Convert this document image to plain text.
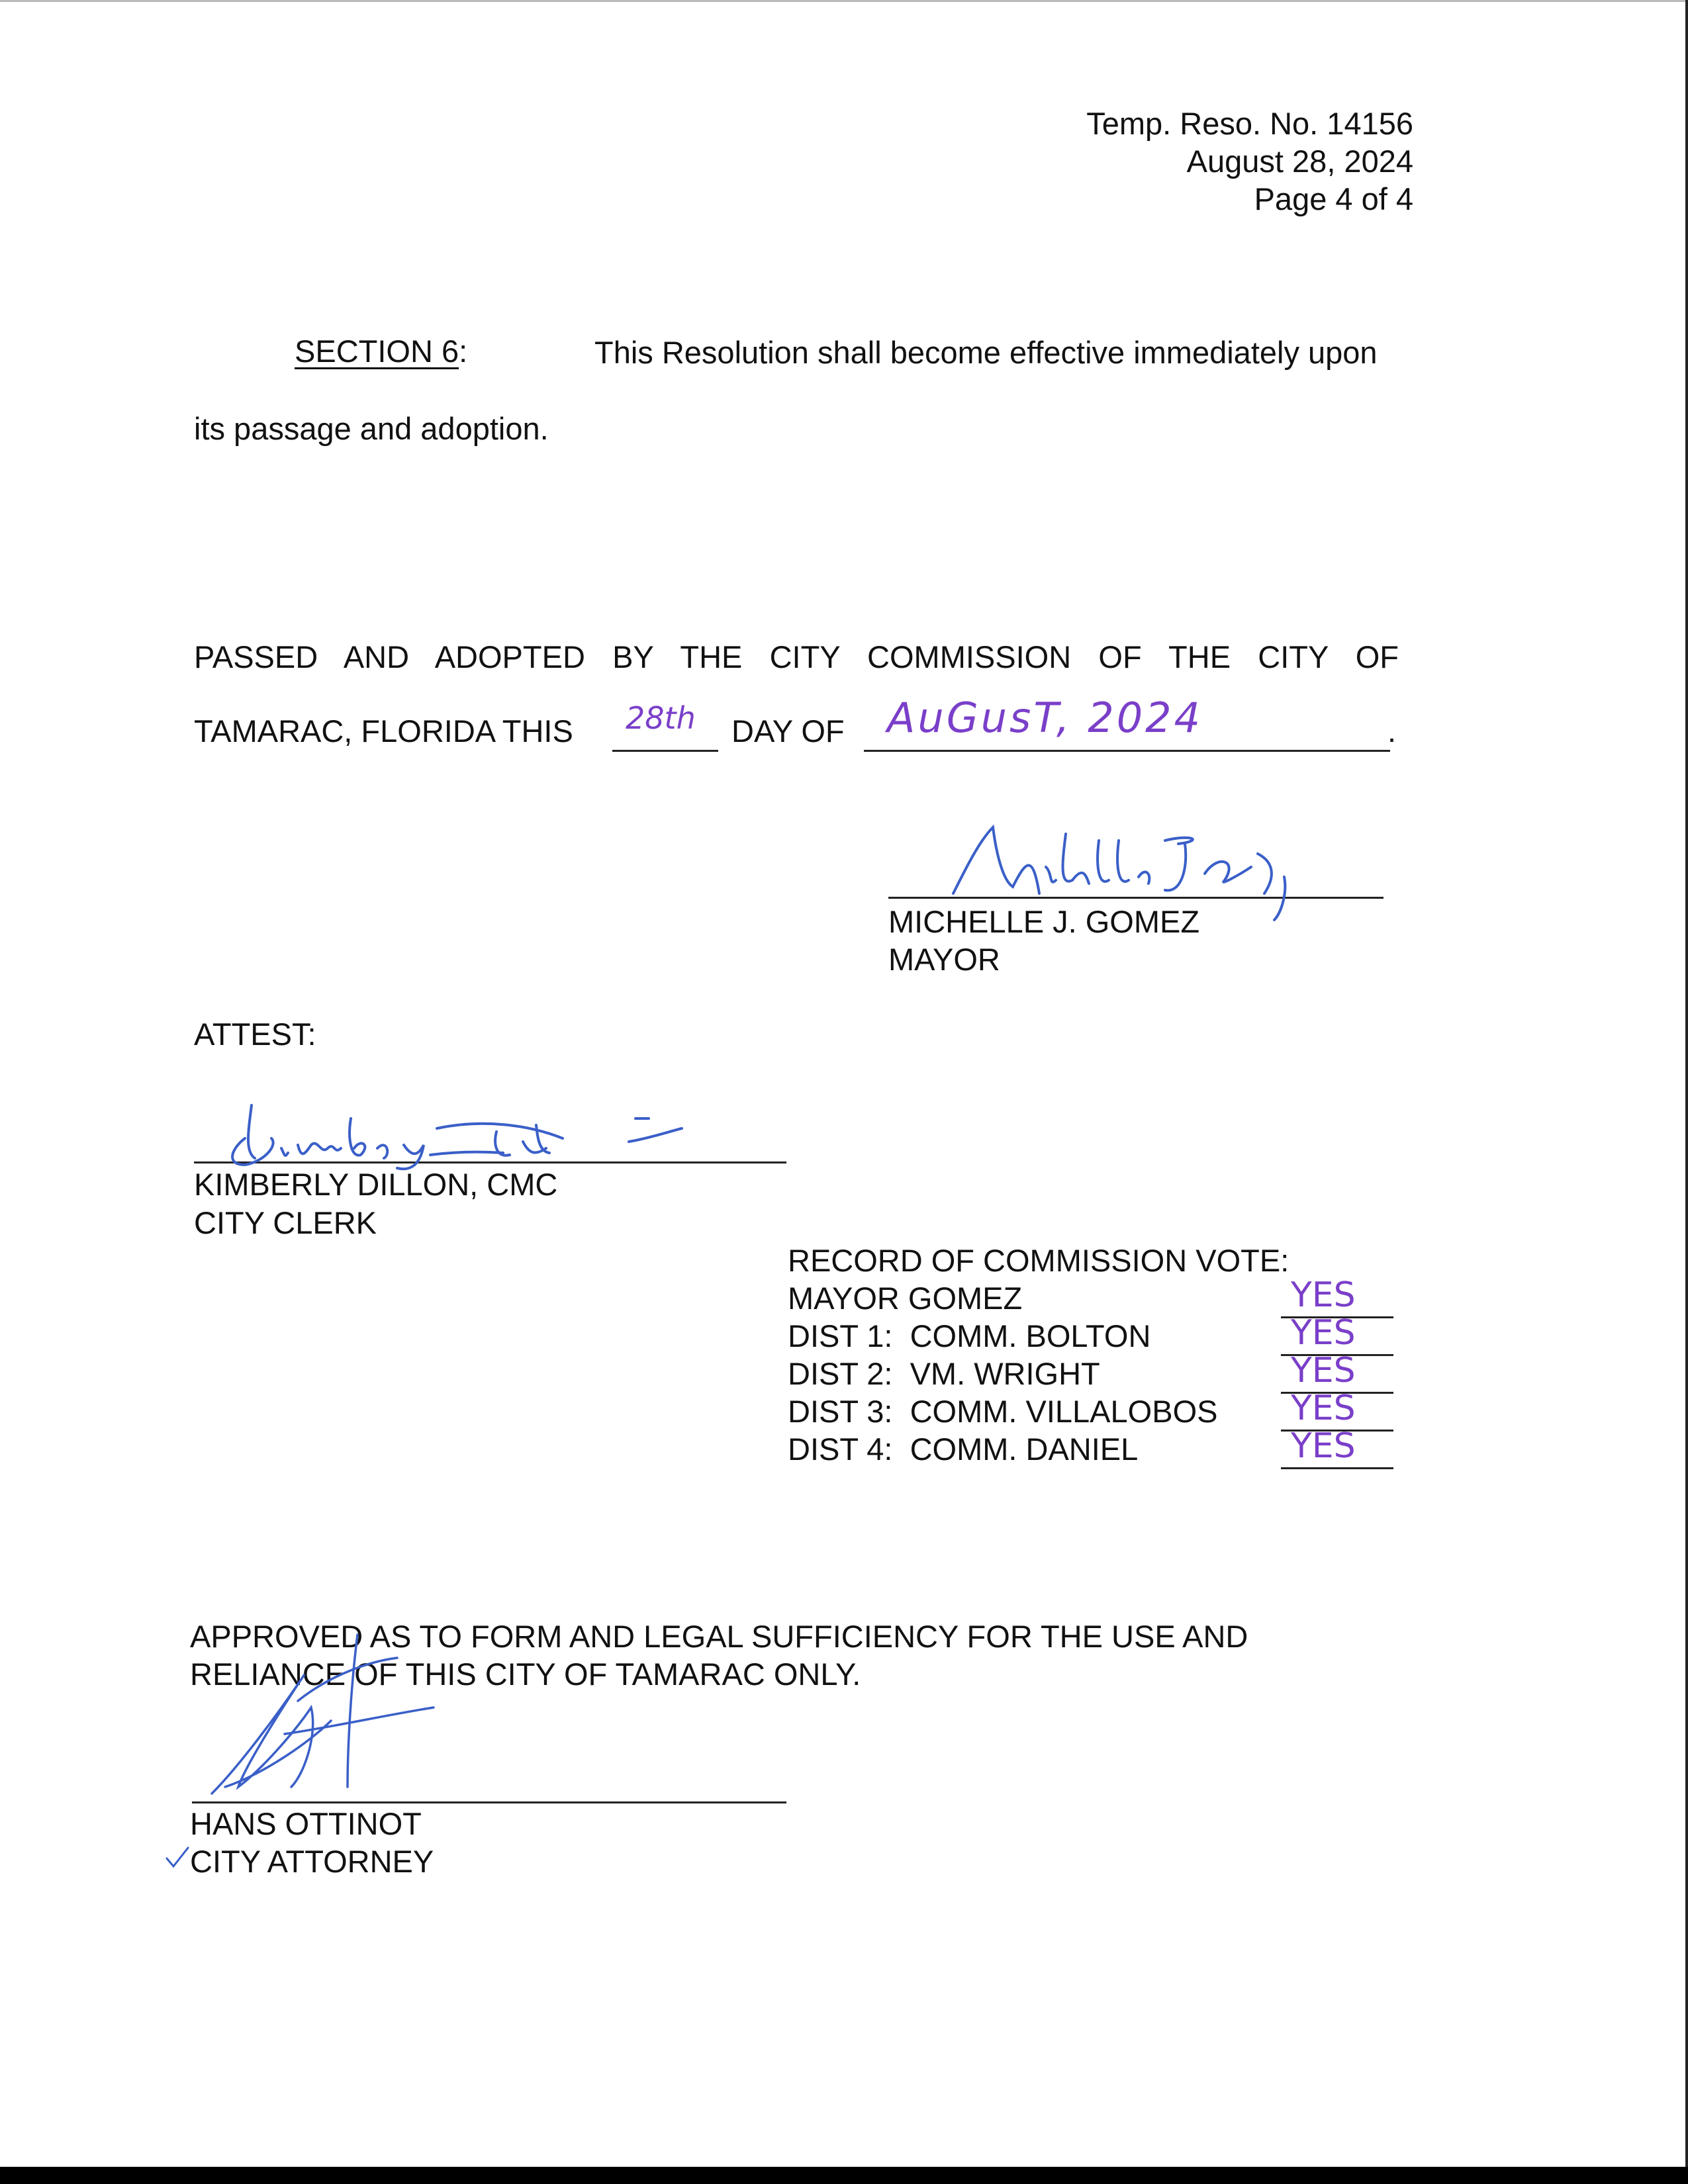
Temp. Reso. No. 14156
August 28, 2024
Page 4 of 4
SECTION 6:	This Resolution shall become effective immediately upon
its passage and adoption.
PASSED AND ADOPTED BY THE CITY COMMISSION OF THE CITY OF
TAMARAC, FLORIDA THIS 28th DAY OF AuGusT, 2024	.
MICHELLE J. GOMEZ
MAYOR
ATTEST:
KIMBERLY DILLON, CMC
CITY CLERK
RECORD OF COMMISSION VOTE:
MAYOR GOMEZ	YES
DIST 1:  COMM. BOLTON	YES
DIST 2:  VM. WRIGHT	YES
DIST 3:  COMM. VILLALOBOS YES
DIST 4:  COMM. DANIEL	YES
APPROVED AS TO FORM AND LEGAL SUFFICIENCY FOR THE USE AND
RELIANCE OF THIS CITY OF TAMARAC ONLY.
HANS OTTINOT
CITY ATTORNEY
